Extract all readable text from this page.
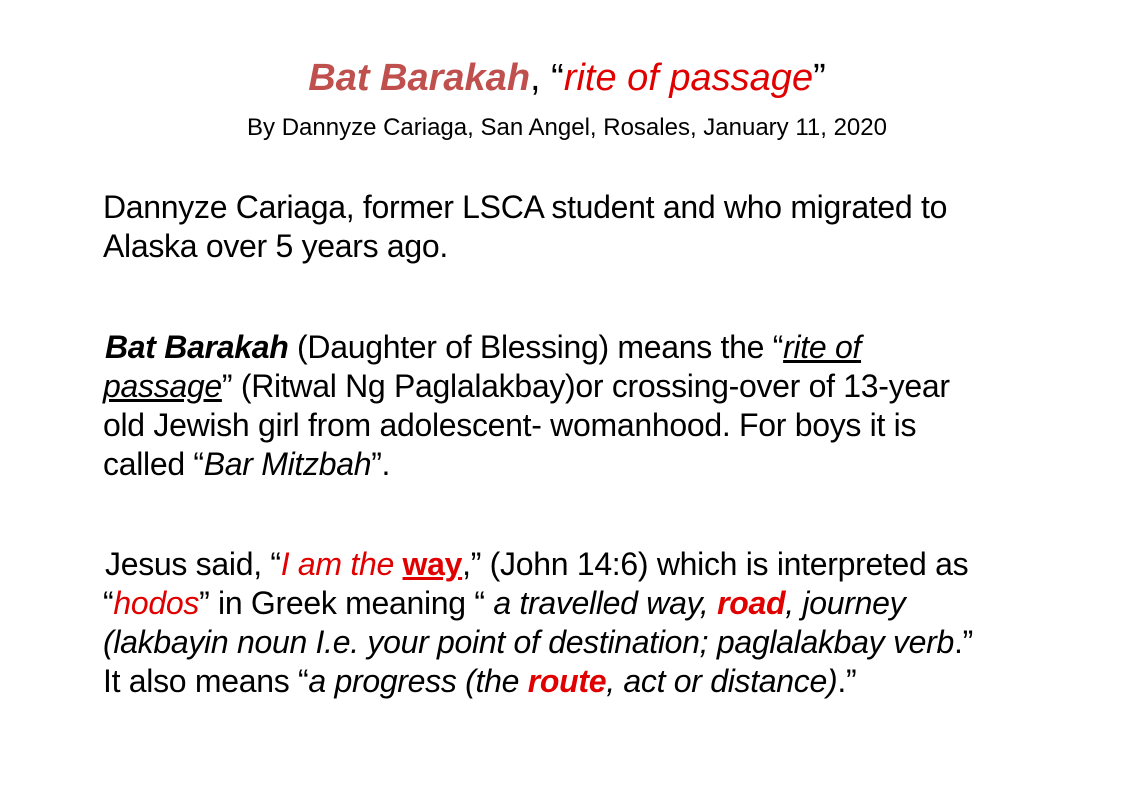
Bat Barakah, “rite of passage”
By Dannyze Cariaga, San Angel, Rosales, January 11, 2020
Dannyze Cariaga, former LSCA student and who migrated to
Alaska over 5 years ago.
Bat Barakah (Daughter of Blessing) means the “rite of
passage” (Ritwal Ng Paglalakbay)or crossing-over of 13-year
old Jewish girl from adolescent- womanhood. For boys it is
called “Bar Mitzbah”.
Jesus said, “I am the way,” (John 14:6) which is interpreted as
“hodos” in Greek meaning “ a travelled way, road, journey
(lakbayin noun I.e. your point of destination; paglalakbay verb.”
It also means “a progress (the route, act or distance).”
